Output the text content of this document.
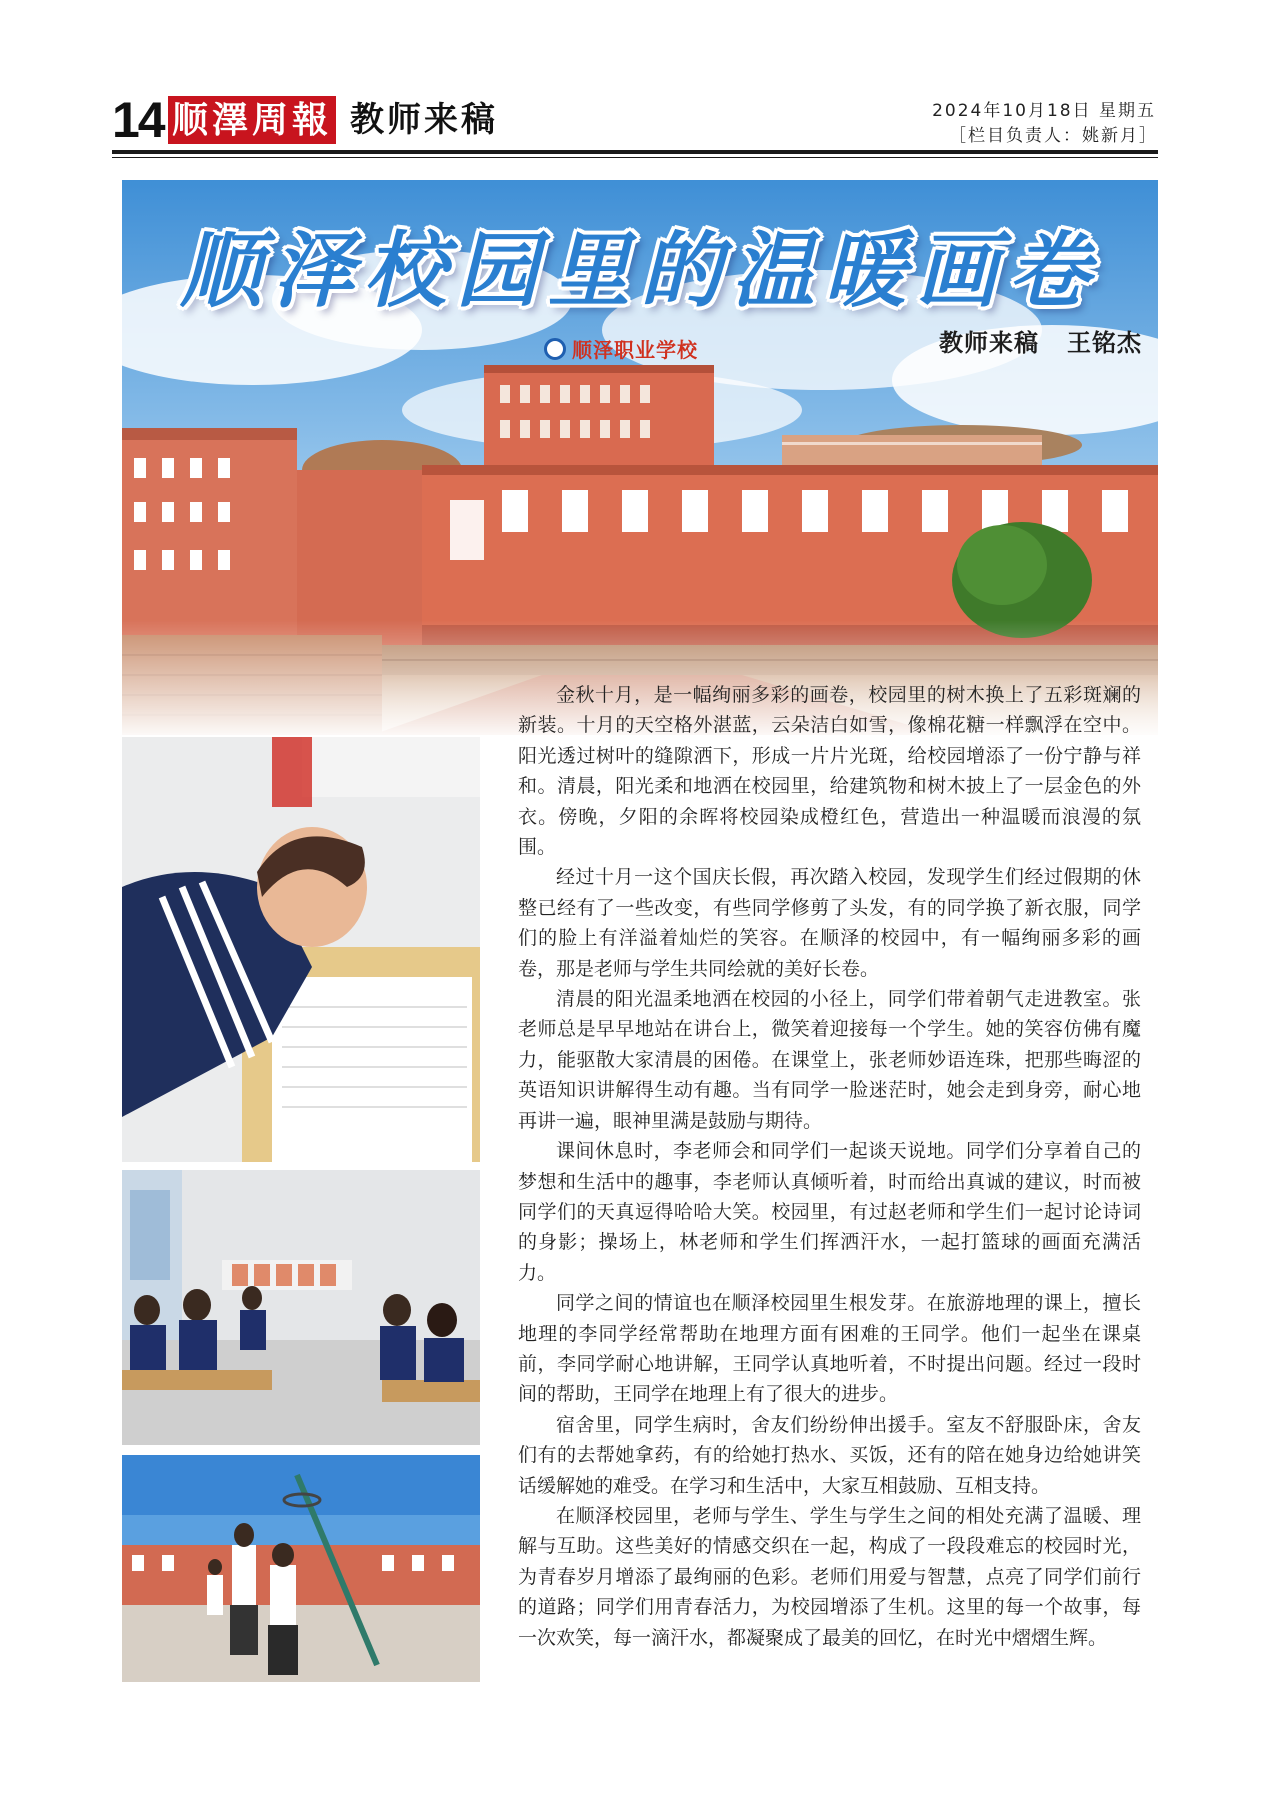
14 顺澤周報 教师来稿	2024年10月18日 星期五
［栏目负责人：姚新月］
顺泽校园里的温暖画卷
顺泽职业学校	教师来稿 王铭杰

金秋十月，是一幅绚丽多彩的画卷，校园里的树木换上了五彩斑斓的新装。十月的天空格外湛蓝，云朵洁白如雪，像棉花糖一样飘浮在空中。阳光透过树叶的缝隙洒下，形成一片片光斑，给校园增添了一份宁静与祥和。清晨，阳光柔和地洒在校园里，给建筑物和树木披上了一层金色的外衣。傍晚，夕阳的余晖将校园染成橙红色，营造出一种温暖而浪漫的氛围。

经过十月一这个国庆长假，再次踏入校园，发现学生们经过假期的休整已经有了一些改变，有些同学修剪了头发，有的同学换了新衣服，同学们的脸上有洋溢着灿烂的笑容。在顺泽的校园中，有一幅绚丽多彩的画卷，那是老师与学生共同绘就的美好长卷。

清晨的阳光温柔地洒在校园的小径上，同学们带着朝气走进教室。张老师总是早早地站在讲台上，微笑着迎接每一个学生。她的笑容仿佛有魔力，能驱散大家清晨的困倦。在课堂上，张老师妙语连珠，把那些晦涩的英语知识讲解得生动有趣。当有同学一脸迷茫时，她会走到身旁，耐心地再讲一遍，眼神里满是鼓励与期待。

课间休息时，李老师会和同学们一起谈天说地。同学们分享着自己的梦想和生活中的趣事，李老师认真倾听着，时而给出真诚的建议，时而被同学们的天真逗得哈哈大笑。校园里，有过赵老师和学生们一起讨论诗词的身影；操场上，林老师和学生们挥洒汗水，一起打篮球的画面充满活力。

同学之间的情谊也在顺泽校园里生根发芽。在旅游地理的课上，擅长地理的李同学经常帮助在地理方面有困难的王同学。他们一起坐在课桌前，李同学耐心地讲解，王同学认真地听着，不时提出问题。经过一段时间的帮助，王同学在地理上有了很大的进步。

宿舍里，同学生病时，舍友们纷纷伸出援手。室友不舒服卧床，舍友们有的去帮她拿药，有的给她打热水、买饭，还有的陪在她身边给她讲笑话缓解她的难受。在学习和生活中，大家互相鼓励、互相支持。

在顺泽校园里，老师与学生、学生与学生之间的相处充满了温暖、理解与互助。这些美好的情感交织在一起，构成了一段段难忘的校园时光，为青春岁月增添了最绚丽的色彩。老师们用爱与智慧，点亮了同学们前行的道路；同学们用青春活力，为校园增添了生机。这里的每一个故事，每一次欢笑，每一滴汗水，都凝聚成了最美的回忆，在时光中熠熠生辉。
